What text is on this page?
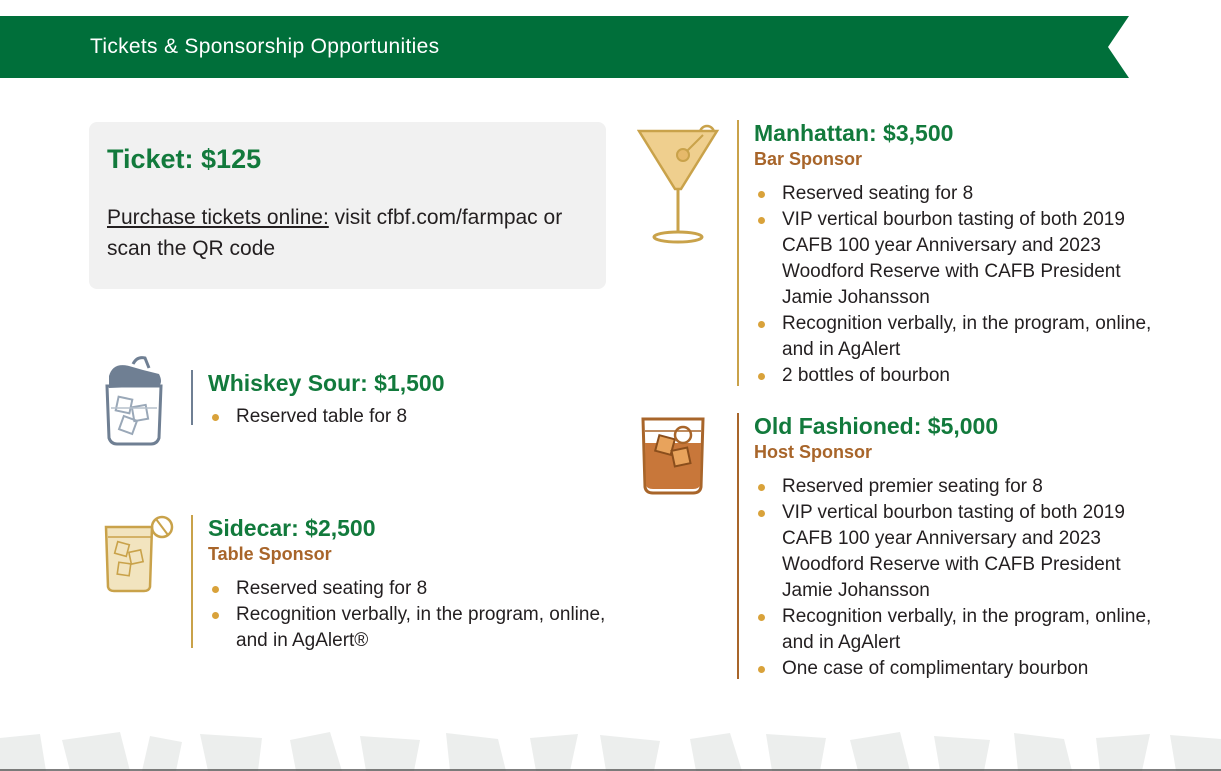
Tickets & Sponsorship Opportunities
Ticket: $125
Purchase tickets online: visit cfbf.com/farmpac or scan the QR code
Whiskey Sour: $1,500
Reserved table for 8
Sidecar: $2,500
Table Sponsor
Reserved seating for 8
Recognition verbally, in the program, online, and in AgAlert®
Manhattan: $3,500
Bar Sponsor
Reserved seating for 8
VIP vertical bourbon tasting of both 2019 CAFB 100 year Anniversary and 2023 Woodford Reserve with CAFB President Jamie Johansson
Recognition verbally, in the program, online, and in AgAlert
2 bottles of bourbon
Old Fashioned: $5,000
Host Sponsor
Reserved premier seating for 8
VIP vertical bourbon tasting of both 2019 CAFB 100 year Anniversary and 2023 Woodford Reserve with CAFB President Jamie Johansson
Recognition verbally, in the program, online, and in AgAlert
One case of complimentary bourbon
